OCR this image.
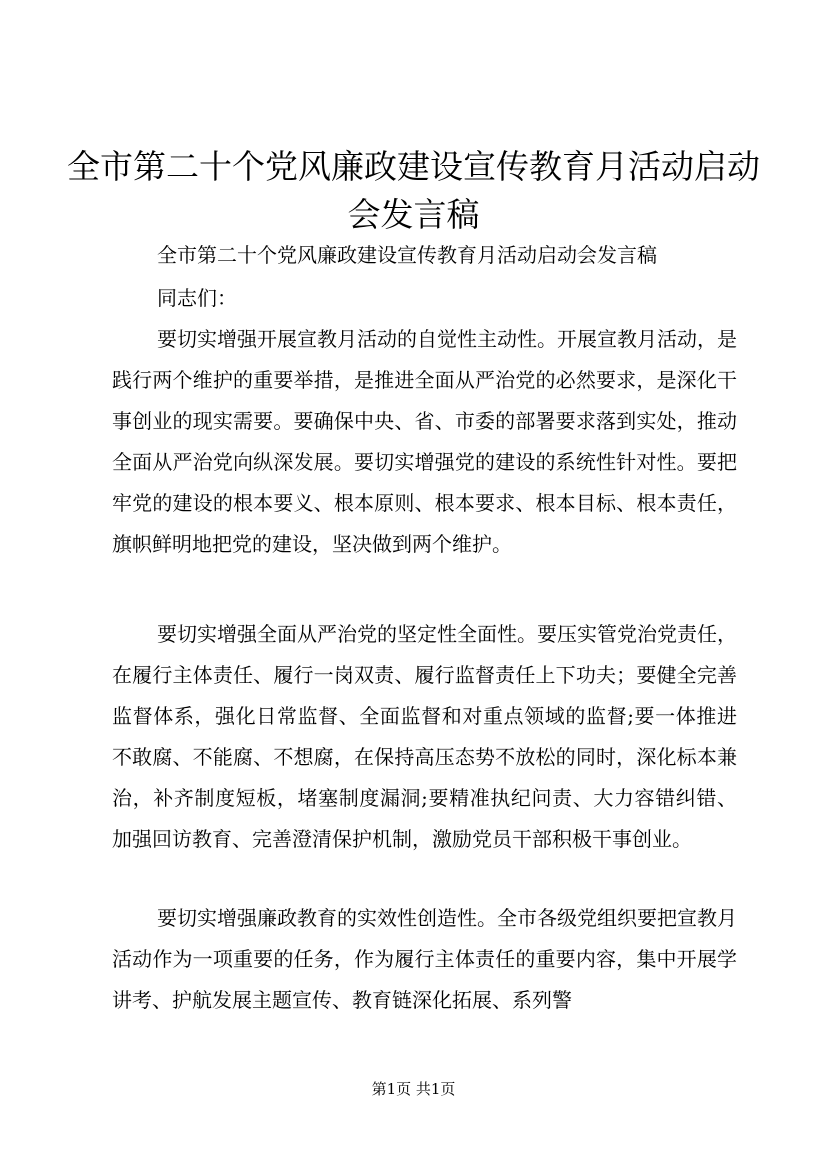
全市第二十个党风廉政建设宣传教育月活动启动会发言稿
全市第二十个党风廉政建设宣传教育月活动启动会发言稿
同志们：

要切实增强开展宣教月活动的自觉性主动性。开展宣教月活动，是践行两个维护的重要举措，是推进全面从严治党的必然要求，是深化干事创业的现实需要。要确保中央、省、市委的部署要求落到实处，推动全面从严治党向纵深发展。要切实增强党的建设的系统性针对性。要把牢党的建设的根本要义、根本原则、根本要求、根本目标、根本责任，旗帜鲜明地把党的建设，坚决做到两个维护。

要切实增强全面从严治党的坚定性全面性。要压实管党治党责任，在履行主体责任、履行一岗双责、履行监督责任上下功夫；要健全完善监督体系，强化日常监督、全面监督和对重点领域的监督;要一体推进不敢腐、不能腐、不想腐，在保持高压态势不放松的同时，深化标本兼治，补齐制度短板，堵塞制度漏洞;要精准执纪问责、大力容错纠错、加强回访教育、完善澄清保护机制，激励党员干部积极干事创业。

要切实增强廉政教育的实效性创造性。全市各级党组织要把宣教月活动作为一项重要的任务，作为履行主体责任的重要内容，集中开展学讲考、护航发展主题宣传、教育链深化拓展、系列警

第1页 共1页
